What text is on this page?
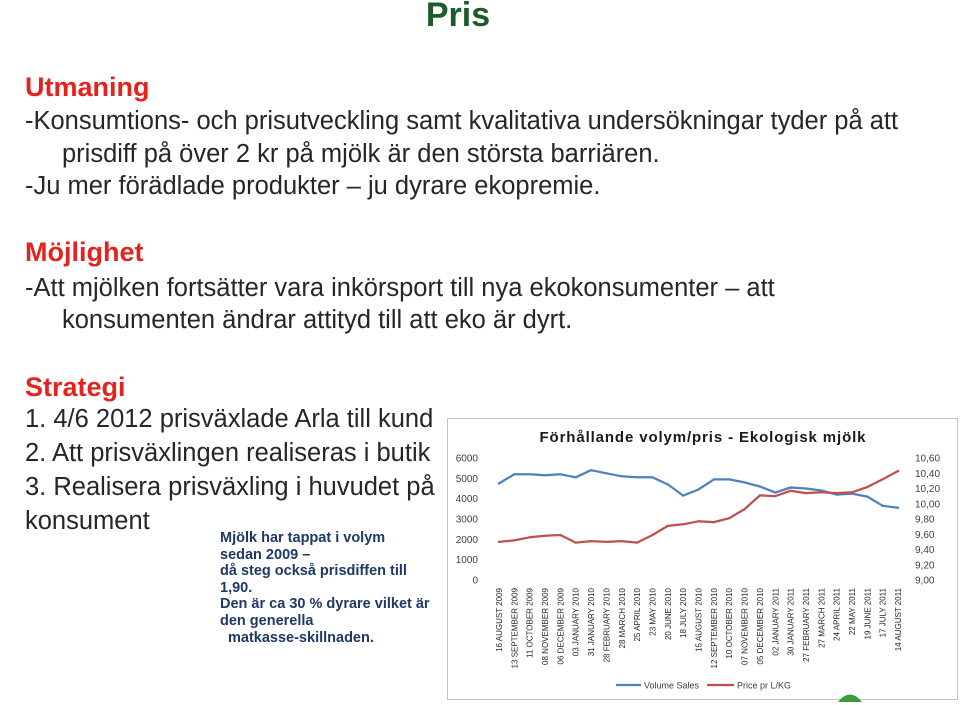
Pris
Utmaning
-Konsumtions- och prisutveckling samt kvalitativa undersökningar tyder på att
prisdiff på över 2 kr på mjölk är den största barriären.
-Ju mer förädlade produkter – ju dyrare ekopremie.
Möjlighet
-Att mjölken fortsätter vara inkörsport till nya ekokonsumenter – att
konsumenten ändrar attityd till att eko är dyrt.
Strategi
1. 4/6 2012 prisväxlade Arla till kund
2. Att prisväxlingen realiseras i butik
3. Realisera prisväxling i huvudet på
konsument
Mjölk har tappat i volym
sedan 2009 –
då steg också prisdiffen till
1,90.
Den är ca 30 % dyrare vilket är
den generella
matkasse-skillnaden.
Förhållande volym/pris - Ekologisk mjölk
0
1000
2000
3000
4000
5000
6000
9,00
9,20
9,40
9,60
9,80
10,00
10,20
10,40
10,60
16 AUGUST 2009 13 SEPTEMBER 2009 11 OCTOBER 2009 08 NOVEMBER 2009 06 DECEMBER 2009 03 JANUARY 2010 31 JANUARY 2010 28 FEBRUARY 2010 28 MARCH 2010 25 APRIL 2010 23 MAY 2010 20 JUNE 2010 18 JULY 2010 15 AUGUST 2010 12 SEPTEMBER 2010 10 OCTOBER 2010 07 NOVEMBER 2010 05 DECEMBER 2010 02 JANUARY 2011 30 JANUARY 2011 27 FEBRUARY 2011 27 MARCH 2011 24 APRIL 2011 22 MAY 2011 19 JUNE 2011 17 JULY 2011 14 AUGUST 2011
Volume Sales	Price pr L/KG
